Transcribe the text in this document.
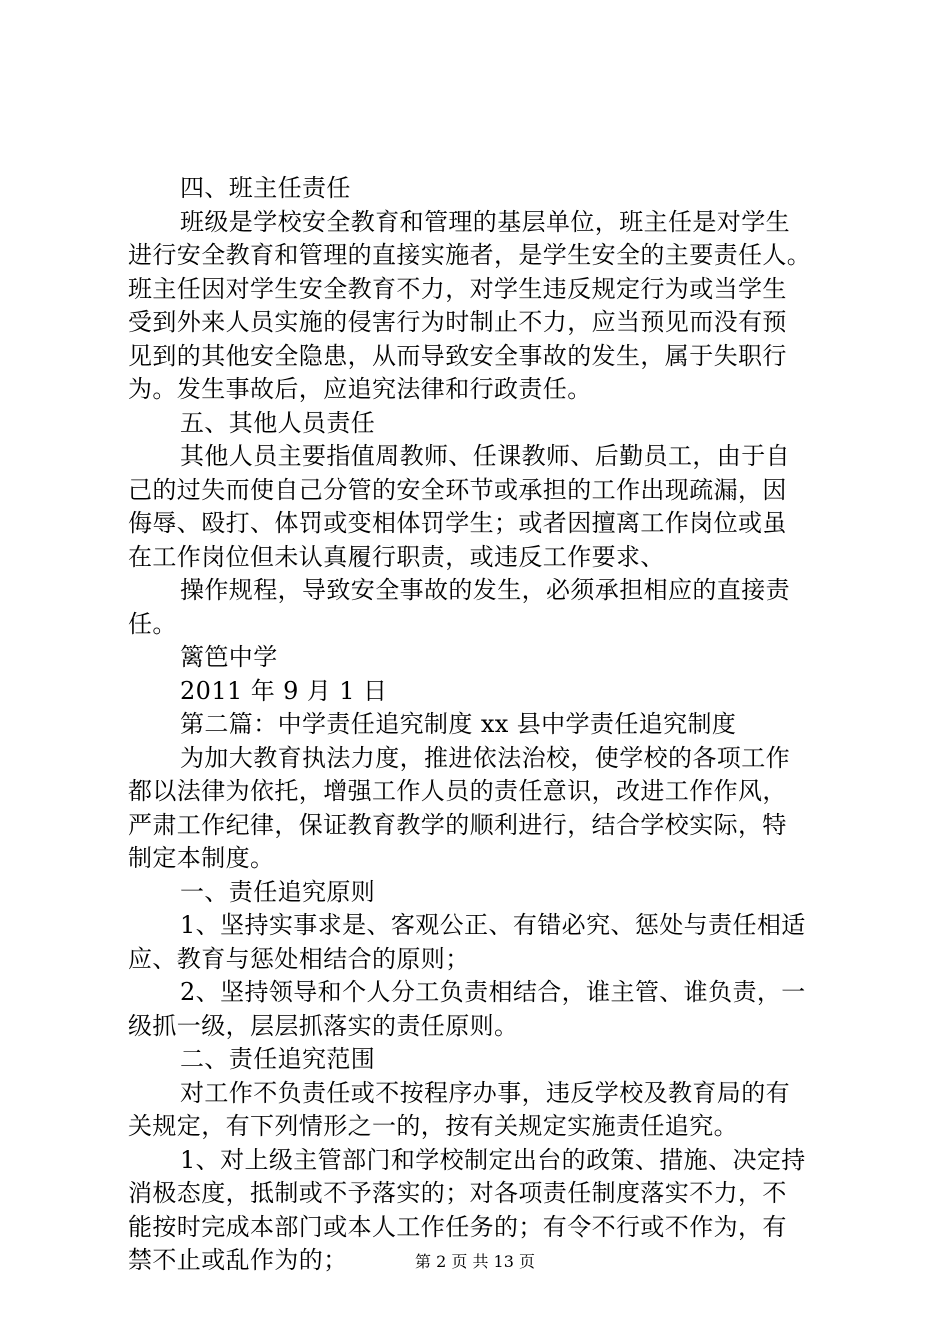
四、班主任责任
班级是学校安全教育和管理的基层单位，班主任是对学生
进行安全教育和管理的直接实施者，是学生安全的主要责任人。
班主任因对学生安全教育不力，对学生违反规定行为或当学生
受到外来人员实施的侵害行为时制止不力，应当预见而没有预
见到的其他安全隐患，从而导致安全事故的发生，属于失职行
为。发生事故后，应追究法律和行政责任。
五、其他人员责任
其他人员主要指值周教师、任课教师、后勤员工，由于自
己的过失而使自己分管的安全环节或承担的工作出现疏漏，因
侮辱、殴打、体罚或变相体罚学生；或者因擅离工作岗位或虽
在工作岗位但未认真履行职责，或违反工作要求、
操作规程，导致安全事故的发生，必须承担相应的直接责
任。
篱笆中学
2011 年 9 月 1 日
第二篇：中学责任追究制度 xx 县中学责任追究制度
为加大教育执法力度，推进依法治校，使学校的各项工作
都以法律为依托，增强工作人员的责任意识，改进工作作风，
严肃工作纪律，保证教育教学的顺利进行，结合学校实际，特
制定本制度。
一、责任追究原则
1、坚持实事求是、客观公正、有错必究、惩处与责任相适
应、教育与惩处相结合的原则；
2、坚持领导和个人分工负责相结合，谁主管、谁负责，一
级抓一级，层层抓落实的责任原则。
二、责任追究范围
对工作不负责任或不按程序办事，违反学校及教育局的有
关规定，有下列情形之一的，按有关规定实施责任追究。
1、对上级主管部门和学校制定出台的政策、措施、决定持
消极态度，抵制或不予落实的；对各项责任制度落实不力，不
能按时完成本部门或本人工作任务的；有令不行或不作为，有
禁不止或乱作为的；	第 2 页 共 13 页
